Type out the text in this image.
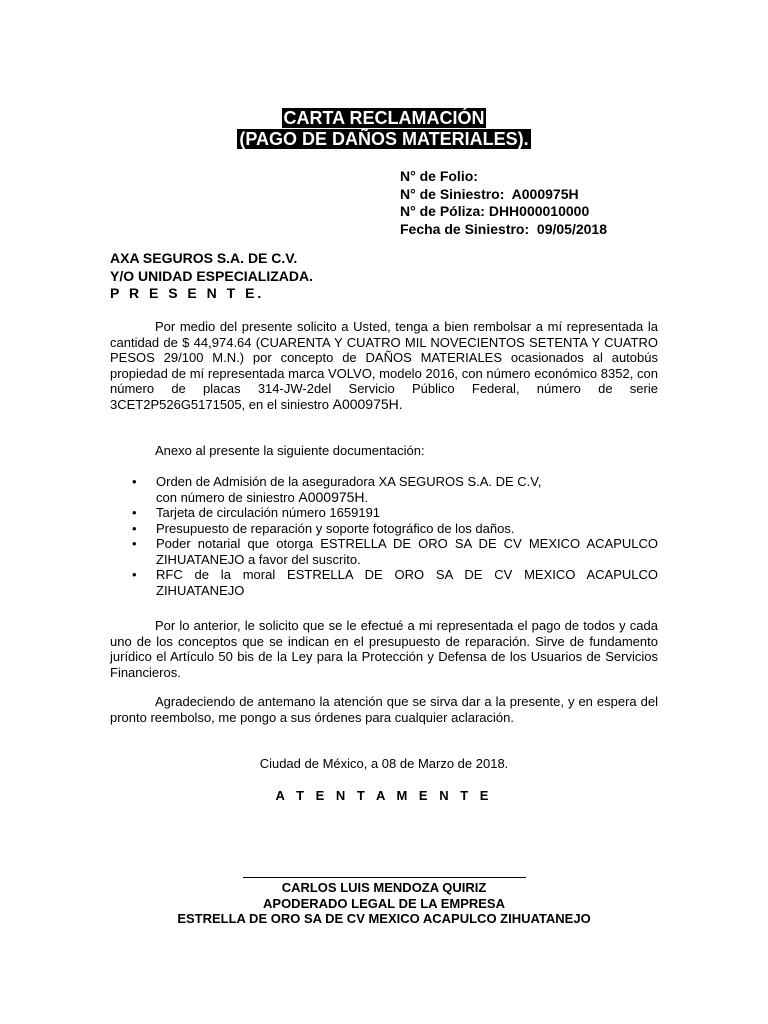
CARTA RECLAMACIÓN
(PAGO DE DAÑOS MATERIALES).
N° de Folio:
N° de Siniestro:  A000975H
N° de Póliza: DHH000010000
Fecha de Siniestro:  09/05/2018
AXA SEGUROS S.A. DE C.V.
Y/O UNIDAD ESPECIALIZADA.
P R E S E N T E.
Por medio del presente solicito a Usted, tenga a bien rembolsar a mí representada la cantidad de $ 44,974.64 (CUARENTA Y CUATRO MIL NOVECIENTOS SETENTA Y CUATRO PESOS 29/100 M.N.) por concepto de DAÑOS MATERIALES ocasionados al autobús propiedad de mí representada marca VOLVO, modelo 2016, con número económico 8352, con número de placas 314-JW-2del Servicio Público Federal, número de serie 3CET2P526G5171505, en el siniestro A000975H.
Anexo al presente la siguiente documentación:
• Orden de Admisión de la aseguradora XA SEGUROS S.A. DE C.V,
con número de siniestro A000975H.
• Tarjeta de circulación número 1659191
• Presupuesto de reparación y soporte fotográfico de los daños.
• Poder notarial que otorga ESTRELLA DE ORO SA DE CV MEXICO ACAPULCO ZIHUATANEJO a favor del suscrito.
• RFC de la moral ESTRELLA DE ORO SA DE CV MEXICO ACAPULCO ZIHUATANEJO
Por lo anterior, le solicito que se le efectué a mi representada el pago de todos y cada uno de los conceptos que se indican en el presupuesto de reparación. Sirve de fundamento jurídico el Artículo 50 bis de la Ley para la Protección y Defensa de los Usuarios de Servicios Financieros.
Agradeciendo de antemano la atención que se sirva dar a la presente, y en espera del pronto reembolso, me pongo a sus órdenes para cualquier aclaración.
Ciudad de México, a 08 de Marzo de 2018.
A T E N T A M E N T E
CARLOS LUIS MENDOZA QUIRIZ
APODERADO LEGAL DE LA EMPRESA
ESTRELLA DE ORO SA DE CV MEXICO ACAPULCO ZIHUATANEJO
